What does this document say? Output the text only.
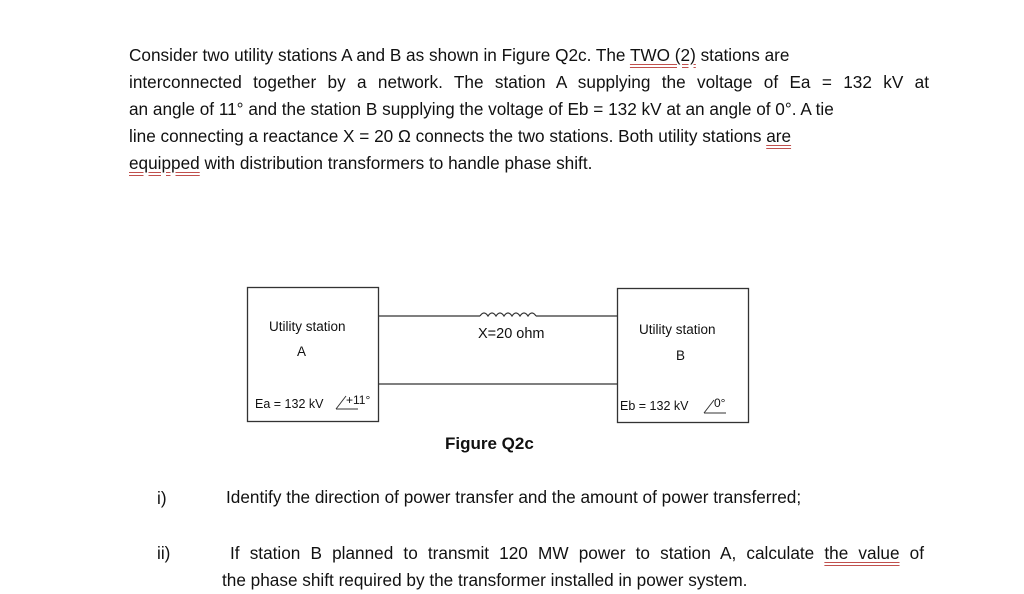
Consider two utility stations A and B as shown in Figure Q2c. The TWO (2) stations are
interconnected together by a network. The station A supplying the voltage of Ea = 132 kV at
an angle of 11° and the station B supplying the voltage of Eb = 132 kV at an angle of 0°. A tie
line connecting a reactance X = 20 Ω connects the two stations. Both utility stations are
equipped with distribution transformers to handle phase shift.

Utility station
A
Ea = 132 kV +11°
X=20 ohm	Utility station
B
Eb = 132 kV 0°
Figure Q2c
i)	Identify the direction of power transfer and the amount of power transferred;
ii)	If station B planned to transmit 120 MW power to station A, calculate the value of
the phase shift required by the transformer installed in power system.
